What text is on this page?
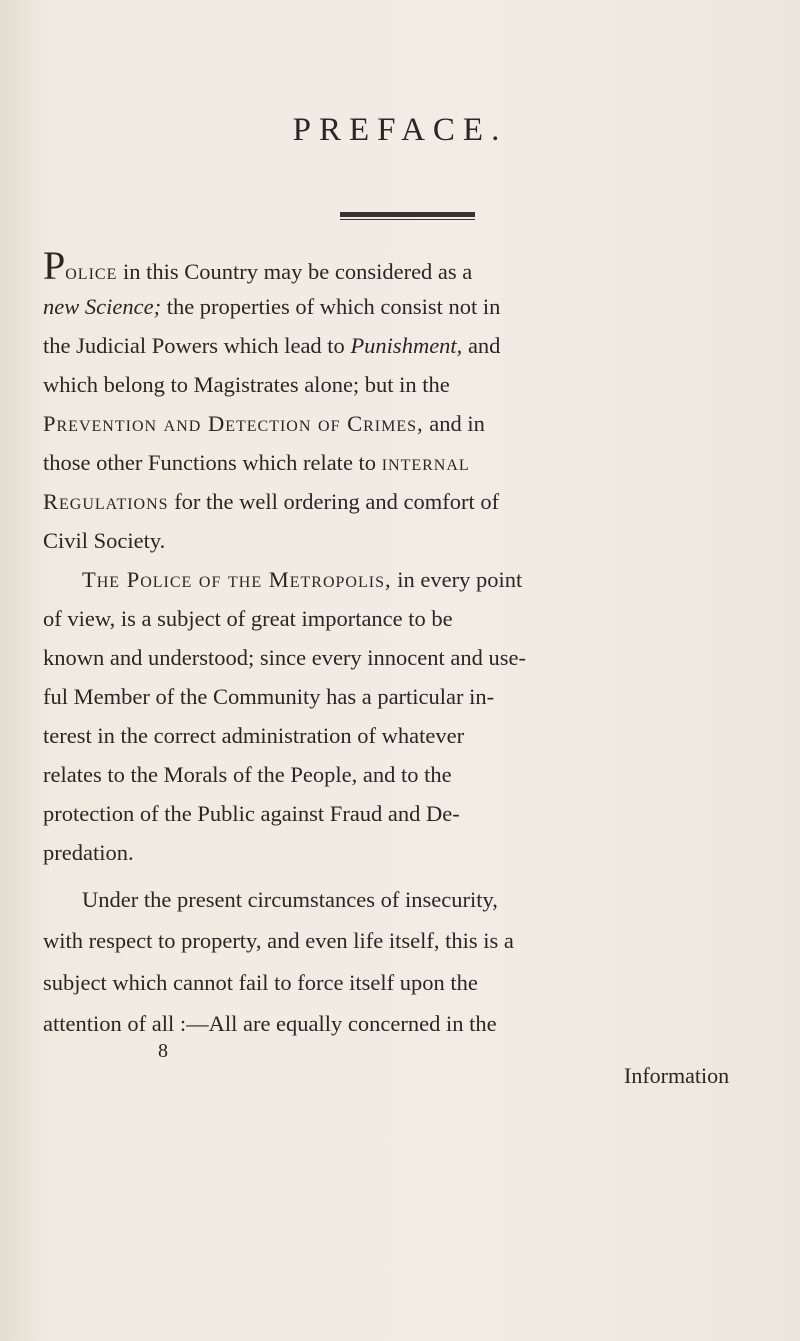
PREFACE.
Police in this Country may be considered as a
new Science; the properties of which consist not in
the Judicial Powers which lead to Punishment, and
which belong to Magistrates alone; but in the
Prevention and Detection of Crimes, and in
those other Functions which relate to internal
Regulations for the well ordering and comfort of
Civil Society.
The Police of the Metropolis, in every point
of view, is a subject of great importance to be
known and understood; since every innocent and use-
ful Member of the Community has a particular in-
terest in the correct administration of whatever
relates to the Morals of the People, and to the
protection of the Public against Fraud and De-
predation.
Under the present circumstances of insecurity,
with respect to property, and even life itself, this is a
subject which cannot fail to force itself upon the
attention of all :—All are equally concerned in the
8
Information
